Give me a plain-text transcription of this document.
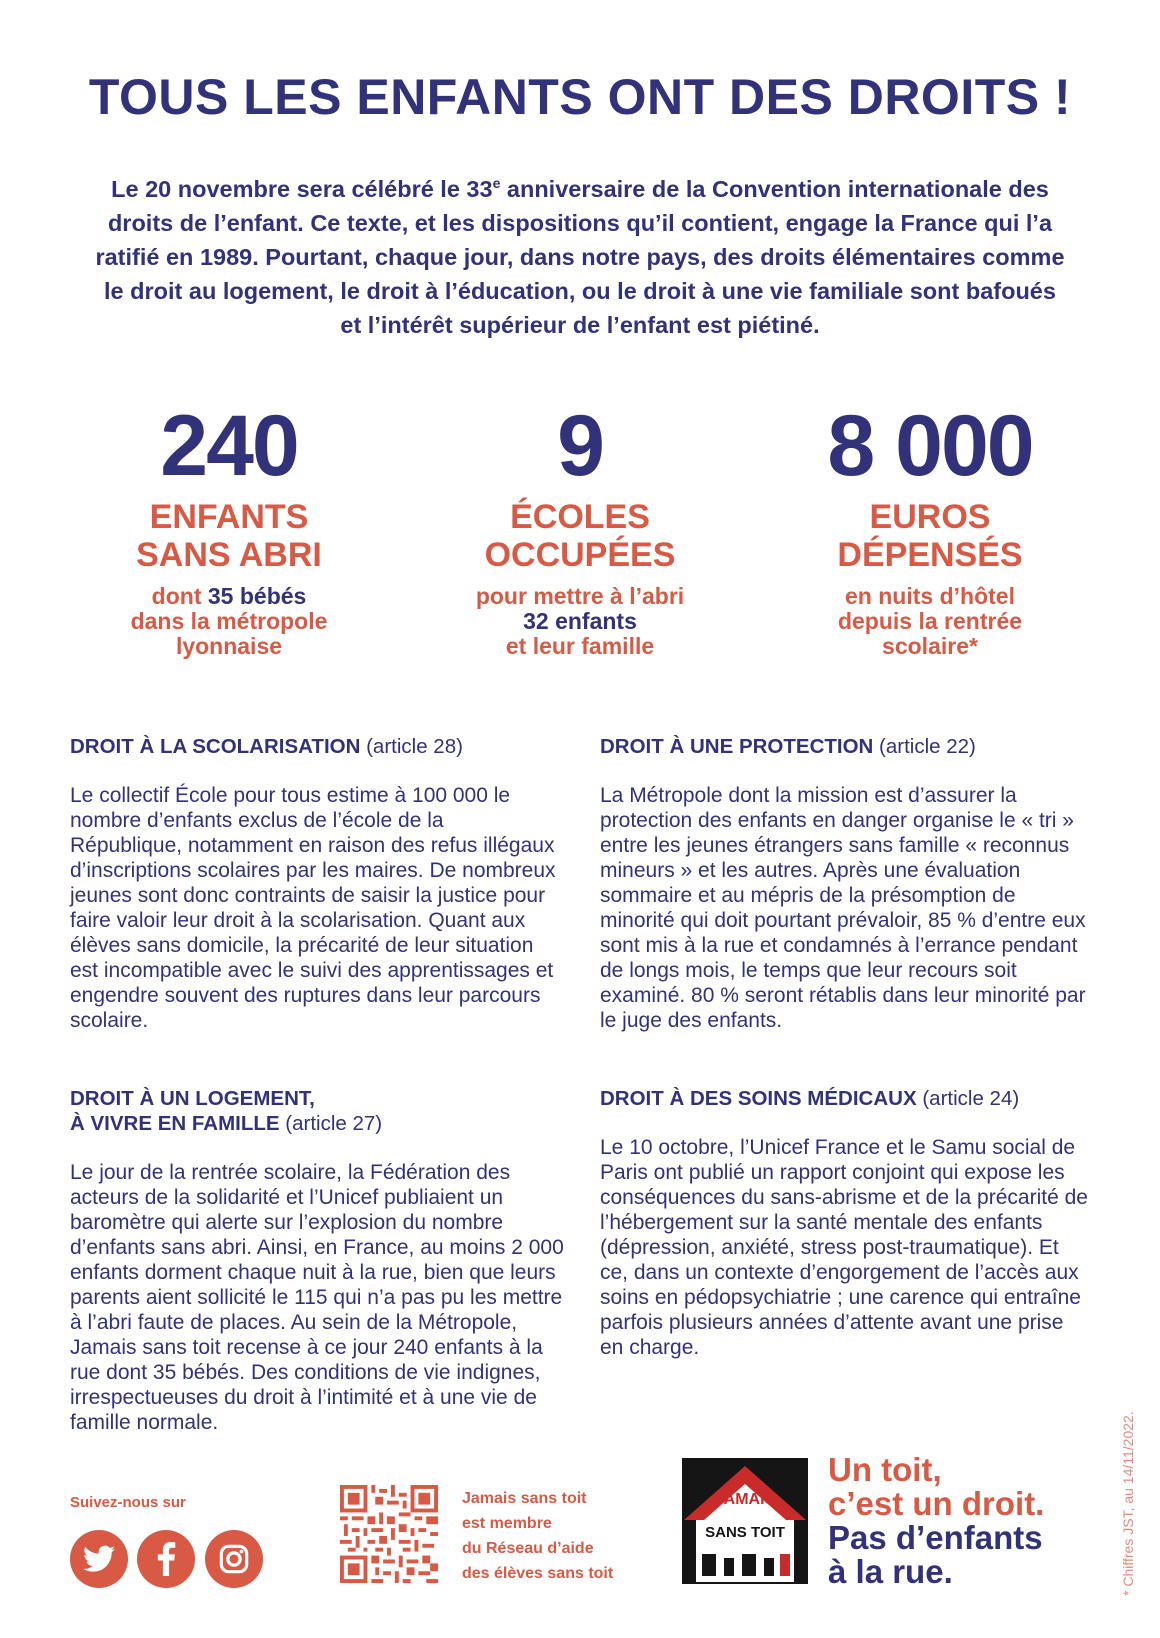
TOUS LES ENFANTS ONT DES DROITS !

Le 20 novembre sera célébré le 33e anniversaire de la Convention internationale des droits de l’enfant. Ce texte, et les dispositions qu’il contient, engage la France qui l’a ratifié en 1989. Pourtant, chaque jour, dans notre pays, des droits élémentaires comme le droit au logement, le droit à l’éducation, ou le droit à une vie familiale sont bafoués et l’intérêt supérieur de l’enfant est piétiné.

240
ENFANTS
SANS ABRI
dont 35 bébés
dans la métropole lyonnaise
9
ÉCOLES
OCCUPÉES
pour mettre à l’abri
32 enfants
et leur famille
8 000
EUROS
DÉPENSÉS
en nuits d’hôtel
depuis la rentrée
scolaire*
DROIT À LA SCOLARISATION (article 28)

Le collectif École pour tous estime à 100 000 le nombre d’enfants exclus de l’école de la République, notamment en raison des refus illégaux d’inscriptions scolaires par les maires. De nombreux jeunes sont donc contraints de saisir la justice pour faire valoir leur droit à la scolarisation. Quant aux élèves sans domicile, la précarité de leur situation est incompatible avec le suivi des apprentissages et engendre souvent des ruptures dans leur parcours scolaire.

DROIT À UNE PROTECTION (article 22)

La Métropole dont la mission est d’assurer la protection des enfants en danger organise le « tri » entre les jeunes étrangers sans famille « reconnus mineurs » et les autres. Après une évaluation sommaire et au mépris de la présomption de minorité qui doit pourtant prévaloir, 85 % d’entre eux sont mis à la rue et condamnés à l’errance pendant de longs mois, le temps que leur recours soit examiné. 80 % seront rétablis dans leur minorité par le juge des enfants.

DROIT À UN LOGEMENT,
À VIVRE EN FAMILLE (article 27)

Le jour de la rentrée scolaire, la Fédération des acteurs de la solidarité et l’Unicef publiaient un baromètre qui alerte sur l’explosion du nombre d’enfants sans abri. Ainsi, en France, au moins 2 000 enfants dorment chaque nuit à la rue, bien que leurs parents aient sollicité le 115 qui n’a pas pu les mettre à l’abri faute de places. Au sein de la Métropole, Jamais sans toit recense à ce jour 240 enfants à la rue dont 35 bébés. Des conditions de vie indignes, irrespectueuses du droit à l’intimité et à une vie de famille normale.

DROIT À DES SOINS MÉDICAUX (article 24)

Le 10 octobre, l’Unicef France et le Samu social de Paris ont publié un rapport conjoint qui expose les conséquences du sans-abrisme et de la précarité de l’hébergement sur la santé mentale des enfants (dépression, anxiété, stress post-traumatique). Et ce, dans un contexte d’engorgement de l’accès aux soins en pédopsychiatrie ; une carence qui entraîne parfois plusieurs années d’attente avant une prise en charge.

Suivez-nous sur	Jamais sans toit
est membre
du Réseau d’aide
des élèves sans toit
JAMAIS
SANS TOIT
Un toit,
c’est un droit.
Pas d’enfants
à la rue.	* Chiffres JST, au 14/11/2022.
